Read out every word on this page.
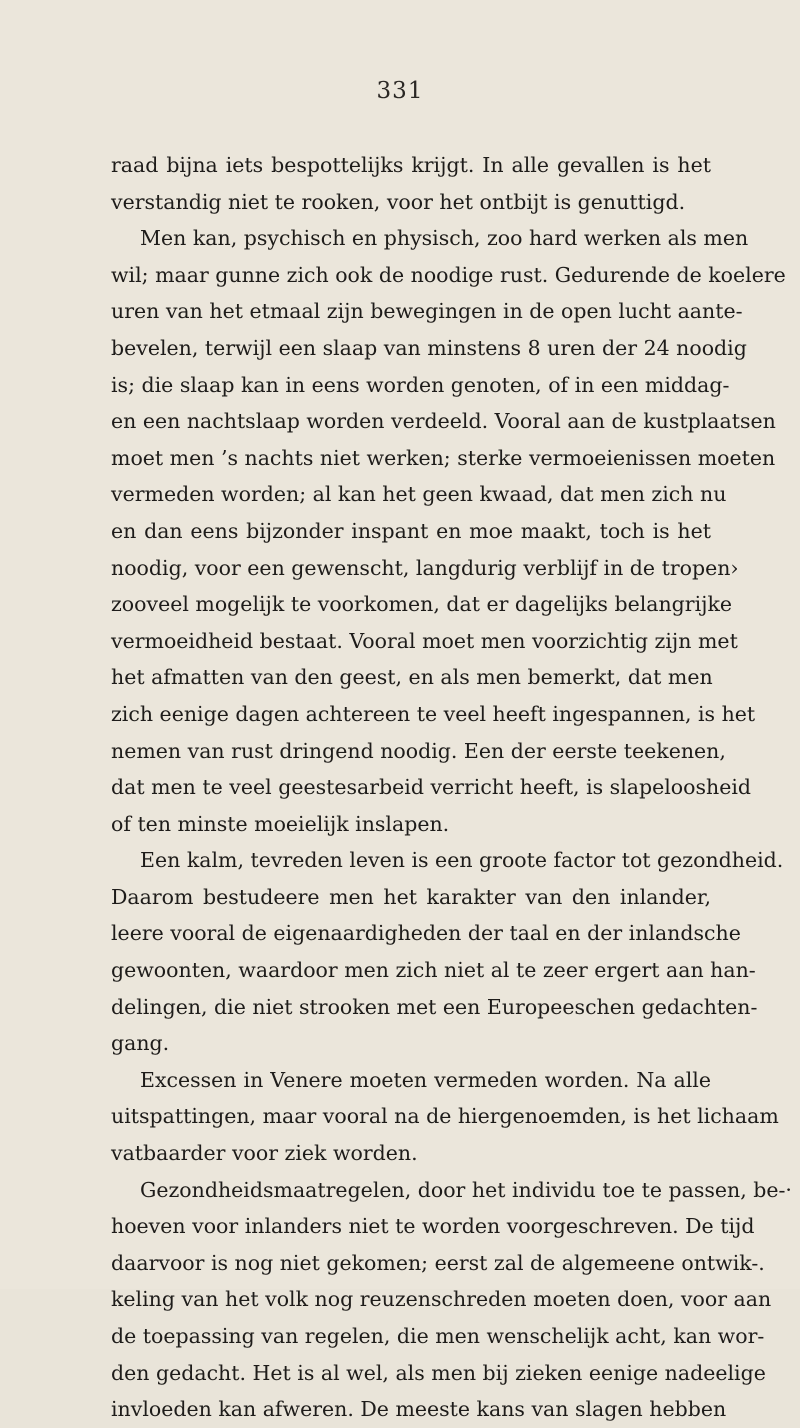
331
raad bijna iets bespottelijks krijgt. In alle gevallen is het
verstandig niet te rooken, voor het ontbijt is genuttigd.
Men kan, psychisch en physisch, zoo hard werken als men
wil; maar gunne zich ook de noodige rust. Gedurende de koelere
uren van het etmaal zijn bewegingen in de open lucht aante-
bevelen, terwijl een slaap van minstens 8 uren der 24 noodig
is; die slaap kan in eens worden genoten, of in een middag-
en een nachtslaap worden verdeeld. Vooral aan de kustplaatsen
moet men ’s nachts niet werken; sterke vermoeienissen moeten
vermeden worden; al kan het geen kwaad, dat men zich nu
en dan eens bijzonder inspant en moe maakt, toch is het
noodig, voor een gewenscht, langdurig verblijf in de tropen›
zooveel mogelijk te voorkomen, dat er dagelijks belangrijke
vermoeidheid bestaat. Vooral moet men voorzichtig zijn met
het afmatten van den geest, en als men bemerkt, dat men
zich eenige dagen achtereen te veel heeft ingespannen, is het
nemen van rust dringend noodig. Een der eerste teekenen,
dat men te veel geestesarbeid verricht heeft, is slapeloosheid
of ten minste moeielijk inslapen.
Een kalm, tevreden leven is een groote factor tot gezondheid.
Daarom bestudeere men het karakter van den inlander,
leere vooral de eigenaardigheden der taal en der inlandsche
gewoonten, waardoor men zich niet al te zeer ergert aan han-
delingen, die niet strooken met een Europeeschen gedachten-
gang.
Excessen in Venere moeten vermeden worden. Na alle
uitspattingen, maar vooral na de hiergenoemden, is het lichaam
vatbaarder voor ziek worden.
Gezondheidsmaatregelen, door het individu toe te passen, be-·
hoeven voor inlanders niet te worden voorgeschreven. De tijd
daarvoor is nog niet gekomen; eerst zal de algemeene ontwik-.
keling van het volk nog reuzenschreden moeten doen, voor aan
de toepassing van regelen, die men wenschelijk acht, kan wor-
den gedacht. Het is al wel, als men bij zieken eenige nadeelige
invloeden kan afweren. De meeste kans van slagen hebben
